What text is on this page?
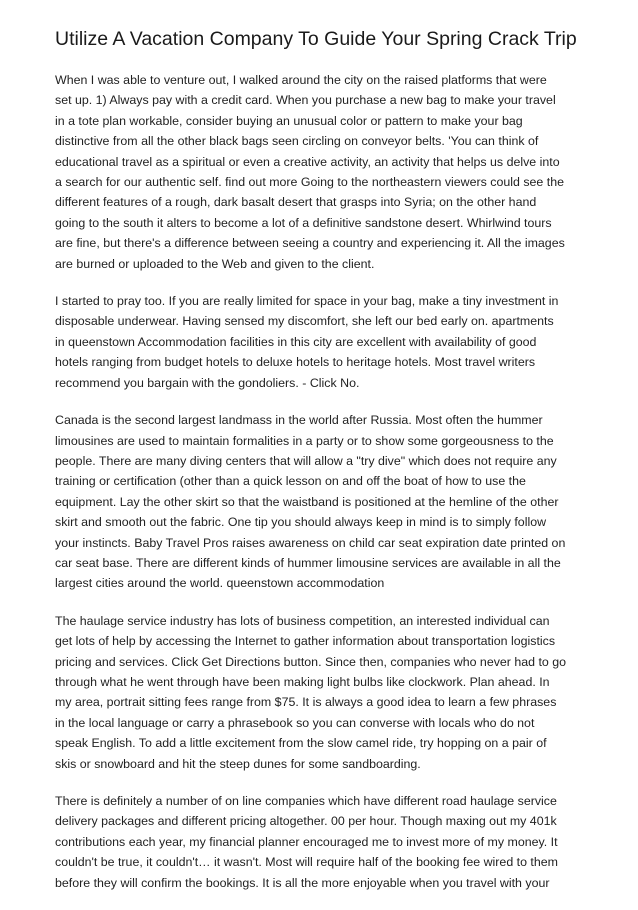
Utilize A Vacation Company To Guide Your Spring Crack Trip
When I was able to venture out, I walked around the city on the raised platforms that were
set up. 1) Always pay with a credit card. When you purchase a new bag to make your travel
in a tote plan workable, consider buying an unusual color or pattern to make your bag
distinctive from all the other black bags seen circling on conveyor belts. 'You can think of
educational travel as a spiritual or even a creative activity, an activity that helps us delve into
a search for our authentic self. find out more Going to the northeastern viewers could see the
different features of a rough, dark basalt desert that grasps into Syria; on the other hand
going to the south it alters to become a lot of a definitive sandstone desert. Whirlwind tours
are fine, but there's a difference between seeing a country and experiencing it. All the images
are burned or uploaded to the Web and given to the client.
I started to pray too. If you are really limited for space in your bag, make a tiny investment in
disposable underwear. Having sensed my discomfort, she left our bed early on. apartments
in queenstown Accommodation facilities in this city are excellent with availability of good
hotels ranging from budget hotels to deluxe hotels to heritage hotels. Most travel writers
recommend you bargain with the gondoliers. - Click No.
Canada is the second largest landmass in the world after Russia. Most often the hummer
limousines are used to maintain formalities in a party or to show some gorgeousness to the
people. There are many diving centers that will allow a "try dive" which does not require any
training or certification (other than a quick lesson on and off the boat of how to use the
equipment. Lay the other skirt so that the waistband is positioned at the hemline of the other
skirt and smooth out the fabric. One tip you should always keep in mind is to simply follow
your instincts. Baby Travel Pros raises awareness on child car seat expiration date printed on
car seat base. There are different kinds of hummer limousine services are available in all the
largest cities around the world. queenstown accommodation
The haulage service industry has lots of business competition, an interested individual can
get lots of help by accessing the Internet to gather information about transportation logistics
pricing and services. Click Get Directions button. Since then, companies who never had to go
through what he went through have been making light bulbs like clockwork. Plan ahead. In
my area, portrait sitting fees range from $75. It is always a good idea to learn a few phrases
in the local language or carry a phrasebook so you can converse with locals who do not
speak English. To add a little excitement from the slow camel ride, try hopping on a pair of
skis or snowboard and hit the steep dunes for some sandboarding.
There is definitely a number of on line companies which have different road haulage service
delivery packages and different pricing altogether. 00 per hour. Though maxing out my 401k
contributions each year, my financial planner encouraged me to invest more of my money. It
couldn't be true, it couldn't… it wasn't. Most will require half of the booking fee wired to them
before they will confirm the bookings. It is all the more enjoyable when you travel with your
